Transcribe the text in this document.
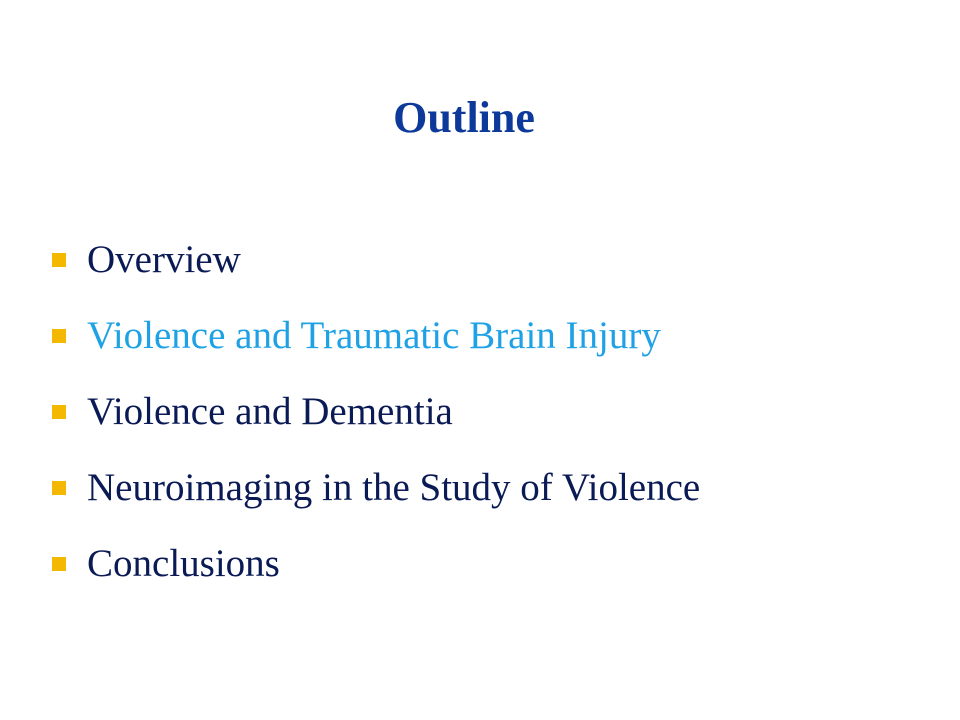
Outline
Overview
Violence and Traumatic Brain Injury
Violence and Dementia
Neuroimaging in the Study of Violence
Conclusions
